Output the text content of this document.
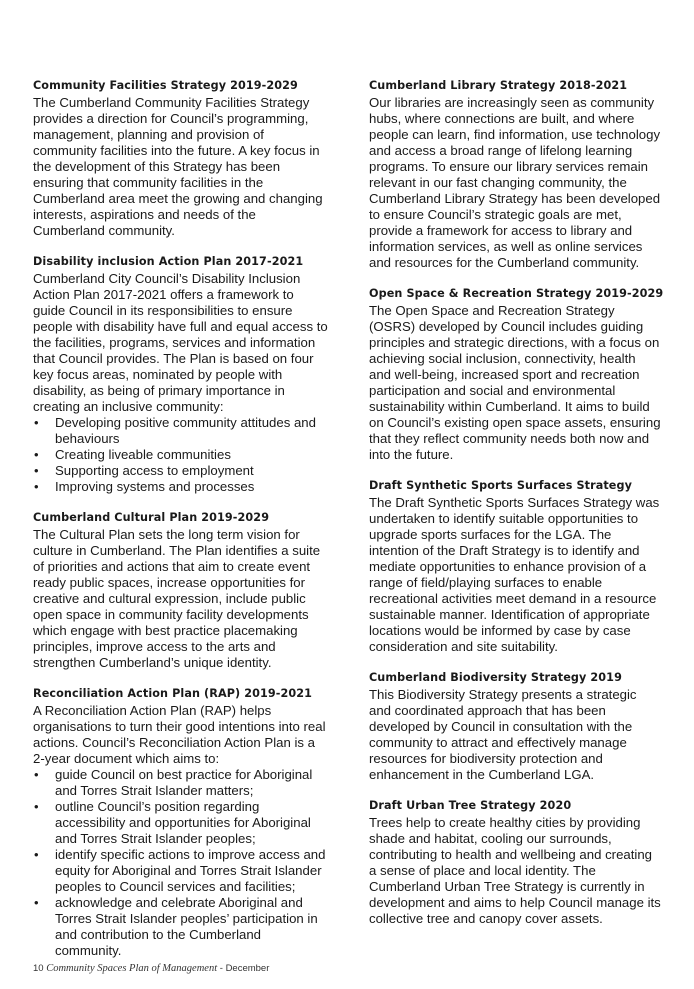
Community Facilities Strategy 2019-2029

The Cumberland Community Facilities Strategy provides a direction for Council’s programming, management, planning and provision of community facilities into the future. A key focus in the development of this Strategy has been ensuring that community facilities in the Cumberland area meet the growing and changing interests, aspirations and needs of the Cumberland community.

Disability inclusion Action Plan 2017-2021

Cumberland City Council’s Disability Inclusion Action Plan 2017-2021 offers a framework to guide Council in its responsibilities to ensure people with disability have full and equal access to the facilities, programs, services and information that Council provides. The Plan is based on four key focus areas, nominated by people with disability, as being of primary importance in creating an inclusive community:

• Developing positive community attitudes and behaviours
• Creating liveable communities
• Supporting access to employment
• Improving systems and processes
Cumberland Cultural Plan 2019-2029

The Cultural Plan sets the long term vision for culture in Cumberland. The Plan identifies a suite of priorities and actions that aim to create event ready public spaces, increase opportunities for creative and cultural expression, include public open space in community facility developments which engage with best practice placemaking principles, improve access to the arts and strengthen Cumberland’s unique identity.

Reconciliation Action Plan (RAP) 2019-2021

A Reconciliation Action Plan (RAP) helps organisations to turn their good intentions into real actions. Council’s Reconciliation Action Plan is a 2-year document which aims to:

• guide Council on best practice for Aboriginal and Torres Strait Islander matters;
• outline Council’s position regarding accessibility and opportunities for Aboriginal and Torres Strait Islander peoples;
• identify specific actions to improve access and equity for Aboriginal and Torres Strait Islander peoples to Council services and facilities;
• acknowledge and celebrate Aboriginal and Torres Strait Islander peoples’ participation in and contribution to the Cumberland community.
Cumberland Library Strategy 2018-2021

Our libraries are increasingly seen as community hubs, where connections are built, and where people can learn, find information, use technology and access a broad range of lifelong learning programs. To ensure our library services remain relevant in our fast changing community, the Cumberland Library Strategy has been developed to ensure Council’s strategic goals are met, provide a framework for access to library and information services, as well as online services and resources for the Cumberland community.

Open Space & Recreation Strategy 2019-2029

The Open Space and Recreation Strategy (OSRS) developed by Council includes guiding principles and strategic directions, with a focus on achieving social inclusion, connectivity, health and well-being, increased sport and recreation participation and social and environmental sustainability within Cumberland. It aims to build on Council’s existing open space assets, ensuring that they reflect community needs both now and into the future.

Draft Synthetic Sports Surfaces Strategy

The Draft Synthetic Sports Surfaces Strategy was undertaken to identify suitable opportunities to upgrade sports surfaces for the LGA. The intention of the Draft Strategy is to identify and mediate opportunities to enhance provision of a range of field/playing surfaces to enable recreational activities meet demand in a resource sustainable manner. Identification of appropriate locations would be informed by case by case consideration and site suitability.

Cumberland Biodiversity Strategy 2019

This Biodiversity Strategy presents a strategic and coordinated approach that has been developed by Council in consultation with the community to attract and effectively manage resources for biodiversity protection and enhancement in the Cumberland LGA.

Draft Urban Tree Strategy 2020

Trees help to create healthy cities by providing shade and habitat, cooling our surrounds, contributing to health and wellbeing and creating a sense of place and local identity. The Cumberland Urban Tree Strategy is currently in development and aims to help Council manage its collective tree and canopy cover assets.

10 Community Spaces Plan of Management - December
